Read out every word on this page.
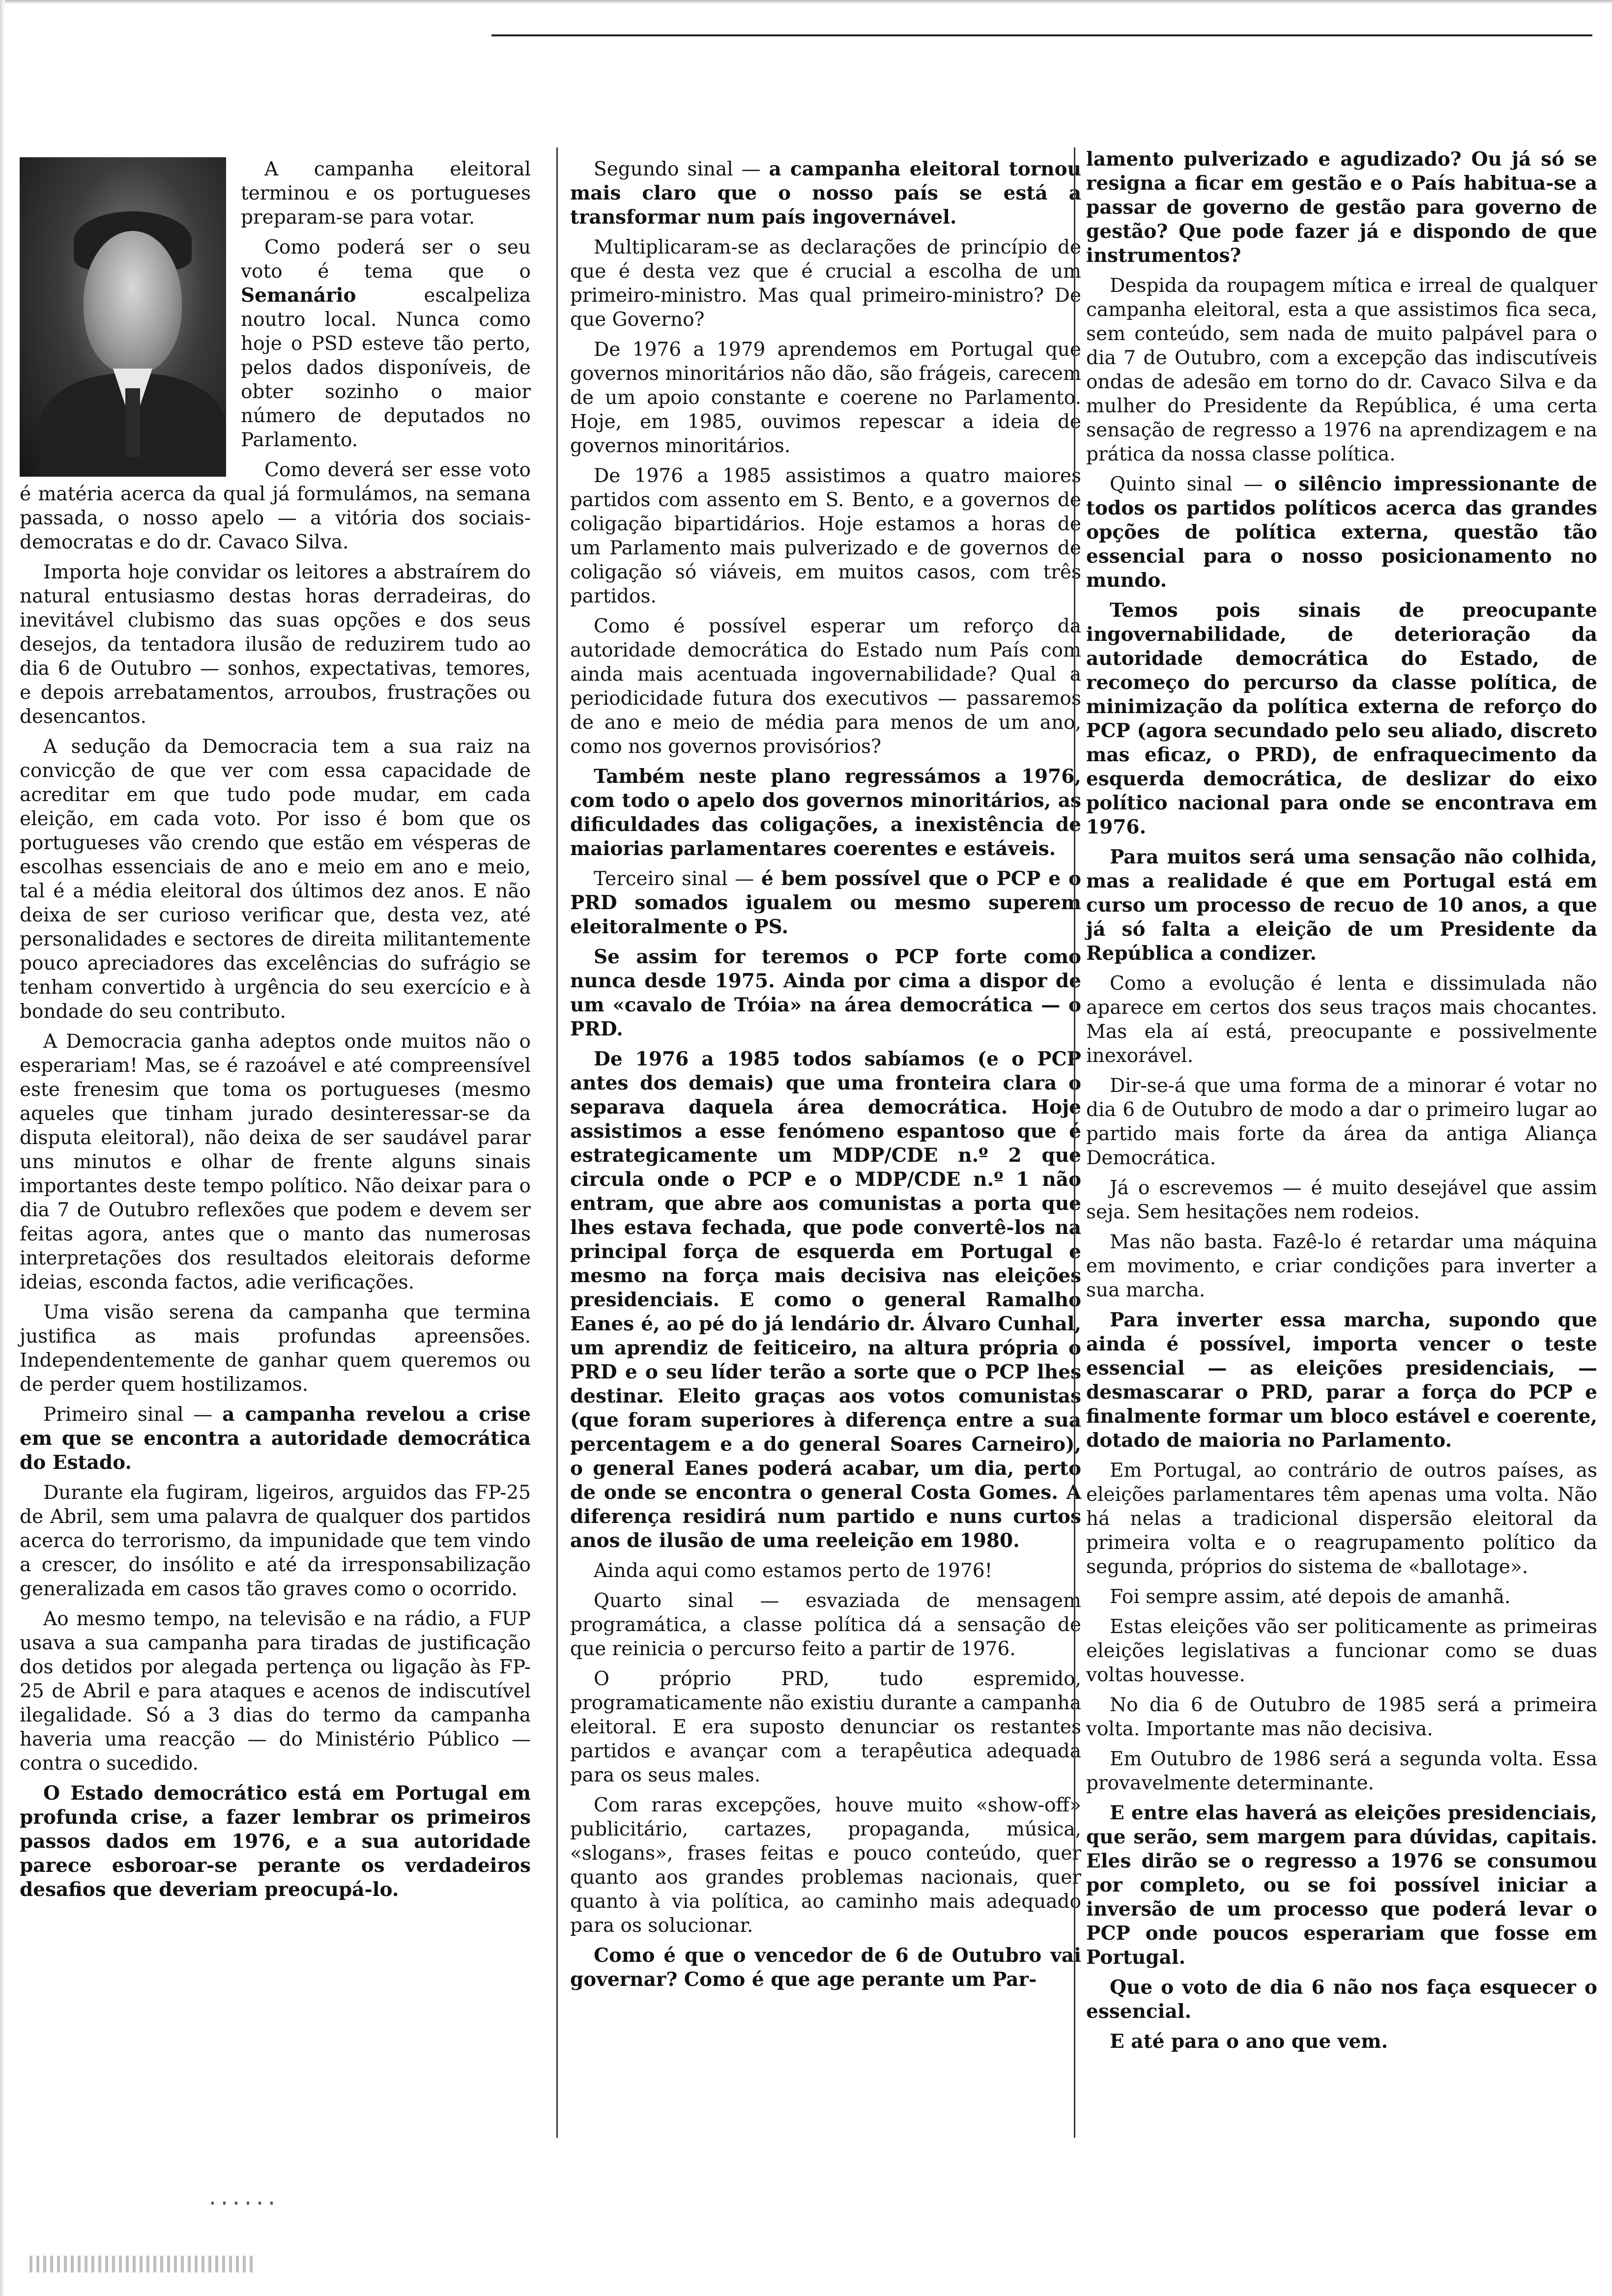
A campanha eleitoral terminou e os portugueses preparam-se para votar.

Como poderá ser o seu voto é tema que o Semanário escalpeliza noutro local. Nunca como hoje o PSD esteve tão perto, pelos dados disponíveis, de obter sozinho o maior número de deputados no Parlamento.

Como deverá ser esse voto é matéria acerca da qual já formulámos, na semana passada, o nosso apelo — a vitória dos sociais-democratas e do dr. Cavaco Silva.

Importa hoje convidar os leitores a abstraírem do natural entusiasmo destas horas derradeiras, do inevitável clubismo das suas opções e dos seus desejos, da tentadora ilusão de reduzirem tudo ao dia 6 de Outubro — sonhos, expectativas, temores, e depois arrebatamentos, arroubos, frustrações ou desencantos.

A sedução da Democracia tem a sua raiz na convicção de que ver com essa capacidade de acreditar em que tudo pode mudar, em cada eleição, em cada voto. Por isso é bom que os portugueses vão crendo que estão em vésperas de escolhas essenciais de ano e meio em ano e meio, tal é a média eleitoral dos últimos dez anos. E não deixa de ser curioso verificar que, desta vez, até personalidades e sectores de direita militantemente pouco apreciadores das excelências do sufrágio se tenham convertido à urgência do seu exercício e à bondade do seu contributo.

A Democracia ganha adeptos onde muitos não o esperariam! Mas, se é razoável e até compreensível este frenesim que toma os portugueses (mesmo aqueles que tinham jurado desinteressar-se da disputa eleitoral), não deixa de ser saudável parar uns minutos e olhar de frente alguns sinais importantes deste tempo político. Não deixar para o dia 7 de Outubro reflexões que podem e devem ser feitas agora, antes que o manto das numerosas interpretações dos resultados eleitorais deforme ideias, esconda factos, adie verificações.

Uma visão serena da campanha que termina justifica as mais profundas apreensões. Independentemente de ganhar quem queremos ou de perder quem hostilizamos.

Primeiro sinal — a campanha revelou a crise em que se encontra a autoridade democrática do Estado.

Durante ela fugiram, ligeiros, arguidos das FP-25 de Abril, sem uma palavra de qualquer dos partidos acerca do terrorismo, da impunidade que tem vindo a crescer, do insólito e até da irresponsabilização generalizada em casos tão graves como o ocorrido.

Ao mesmo tempo, na televisão e na rádio, a FUP usava a sua campanha para tiradas de justificação dos detidos por alegada pertença ou ligação às FP-25 de Abril e para ataques e acenos de indiscutível ilegalidade. Só a 3 dias do termo da campanha haveria uma reacção — do Ministério Público — contra o sucedido.

O Estado democrático está em Portugal em profunda crise, a fazer lembrar os primeiros passos dados em 1976, e a sua autoridade parece esboroar-se perante os verdadeiros desafios que deveriam preocupá-lo.

Segundo sinal — a campanha eleitoral tornou mais claro que o nosso país se está a transformar num país ingovernável.

Multiplicaram-se as declarações de princípio de que é desta vez que é crucial a escolha de um primeiro-ministro. Mas qual primeiro-ministro? De que Governo?

De 1976 a 1979 aprendemos em Portugal que governos minoritários não dão, são frágeis, carecem de um apoio constante e coerene no Parlamento. Hoje, em 1985, ouvimos repescar a ideia de governos minoritários.

De 1976 a 1985 assistimos a quatro maiores partidos com assento em S. Bento, e a governos de coligação bipartidários. Hoje estamos a horas de um Parlamento mais pulverizado e de governos de coligação só viáveis, em muitos casos, com três partidos.

Como é possível esperar um reforço da autoridade democrática do Estado num País com ainda mais acentuada ingovernabilidade? Qual a periodicidade futura dos executivos — passaremos de ano e meio de média para menos de um ano, como nos governos provisórios?

Também neste plano regressámos a 1976, com todo o apelo dos governos minoritários, as dificuldades das coligações, a inexistência de maiorias parlamentares coerentes e estáveis.

Terceiro sinal — é bem possível que o PCP e o PRD somados igualem ou mesmo superem eleitoralmente o PS.

Se assim for teremos o PCP forte como nunca desde 1975. Ainda por cima a dispor de um «cavalo de Tróia» na área democrática — o PRD.

De 1976 a 1985 todos sabíamos (e o PCP antes dos demais) que uma fronteira clara o separava daquela área democrática. Hoje assistimos a esse fenómeno espantoso que é estrategicamente um MDP/CDE n.º 2 que circula onde o PCP e o MDP/CDE n.º 1 não entram, que abre aos comunistas a porta que lhes estava fechada, que pode convertê-los na principal força de esquerda em Portugal e mesmo na força mais decisiva nas eleições presidenciais. E como o general Ramalho Eanes é, ao pé do já lendário dr. Álvaro Cunhal, um aprendiz de feiticeiro, na altura própria o PRD e o seu líder terão a sorte que o PCP lhes destinar. Eleito graças aos votos comunistas (que foram superiores à diferença entre a sua percentagem e a do general Soares Carneiro), o general Eanes poderá acabar, um dia, perto de onde se encontra o general Costa Gomes. A diferença residirá num partido e nuns curtos anos de ilusão de uma reeleição em 1980.

Ainda aqui como estamos perto de 1976!

Quarto sinal — esvaziada de mensagem programática, a classe política dá a sensação de que reinicia o percurso feito a partir de 1976.

O próprio PRD, tudo espremido, programaticamente não existiu durante a campanha eleitoral. E era suposto denunciar os restantes partidos e avançar com a terapêutica adequada para os seus males.

Com raras excepções, houve muito «show-off» publicitário, cartazes, propaganda, música, «slogans», frases feitas e pouco conteúdo, quer quanto aos grandes problemas nacionais, quer quanto à via política, ao caminho mais adequado para os solucionar.

Como é que o vencedor de 6 de Outubro vai governar? Como é que age perante um Par-

lamento pulverizado e agudizado? Ou já só se resigna a ficar em gestão e o País habitua-se a passar de governo de gestão para governo de gestão? Que pode fazer já e dispondo de que instrumentos?

Despida da roupagem mítica e irreal de qualquer campanha eleitoral, esta a que assistimos fica seca, sem conteúdo, sem nada de muito palpável para o dia 7 de Outubro, com a excepção das indiscutíveis ondas de adesão em torno do dr. Cavaco Silva e da mulher do Presidente da República, é uma certa sensação de regresso a 1976 na aprendizagem e na prática da nossa classe política.

Quinto sinal — o silêncio impressionante de todos os partidos políticos acerca das grandes opções de política externa, questão tão essencial para o nosso posicionamento no mundo.

Temos pois sinais de preocupante ingovernabilidade, de deterioração da autoridade democrática do Estado, de recomeço do percurso da classe política, de minimização da política externa de reforço do PCP (agora secundado pelo seu aliado, discreto mas eficaz, o PRD), de enfraquecimento da esquerda democrática, de deslizar do eixo político nacional para onde se encontrava em 1976.

Para muitos será uma sensação não colhida, mas a realidade é que em Portugal está em curso um processo de recuo de 10 anos, a que já só falta a eleição de um Presidente da República a condizer.

Como a evolução é lenta e dissimulada não aparece em certos dos seus traços mais chocantes. Mas ela aí está, preocupante e possivelmente inexorável.

Dir-se-á que uma forma de a minorar é votar no dia 6 de Outubro de modo a dar o primeiro lugar ao partido mais forte da área da antiga Aliança Democrática.

Já o escrevemos — é muito desejável que assim seja. Sem hesitações nem rodeios.

Mas não basta. Fazê-lo é retardar uma máquina em movimento, e criar condições para inverter a sua marcha.

Para inverter essa marcha, supondo que ainda é possível, importa vencer o teste essencial — as eleições presidenciais, — desmascarar o PRD, parar a força do PCP e finalmente formar um bloco estável e coerente, dotado de maioria no Parlamento.

Em Portugal, ao contrário de outros países, as eleições parlamentares têm apenas uma volta. Não há nelas a tradicional dispersão eleitoral da primeira volta e o reagrupamento político da segunda, próprios do sistema de «ballotage».

Foi sempre assim, até depois de amanhã.

Estas eleições vão ser politicamente as primeiras eleições legislativas a funcionar como se duas voltas houvesse.

No dia 6 de Outubro de 1985 será a primeira volta. Importante mas não decisiva.

Em Outubro de 1986 será a segunda volta. Essa provavelmente determinante.

E entre elas haverá as eleições presidenciais, que serão, sem margem para dúvidas, capitais. Eles dirão se o regresso a 1976 se consumou por completo, ou se foi possível iniciar a inversão de um processo que poderá levar o PCP onde poucos esperariam que fosse em Portugal.

Que o voto de dia 6 não nos faça esquecer o essencial.

E até para o ano que vem.
